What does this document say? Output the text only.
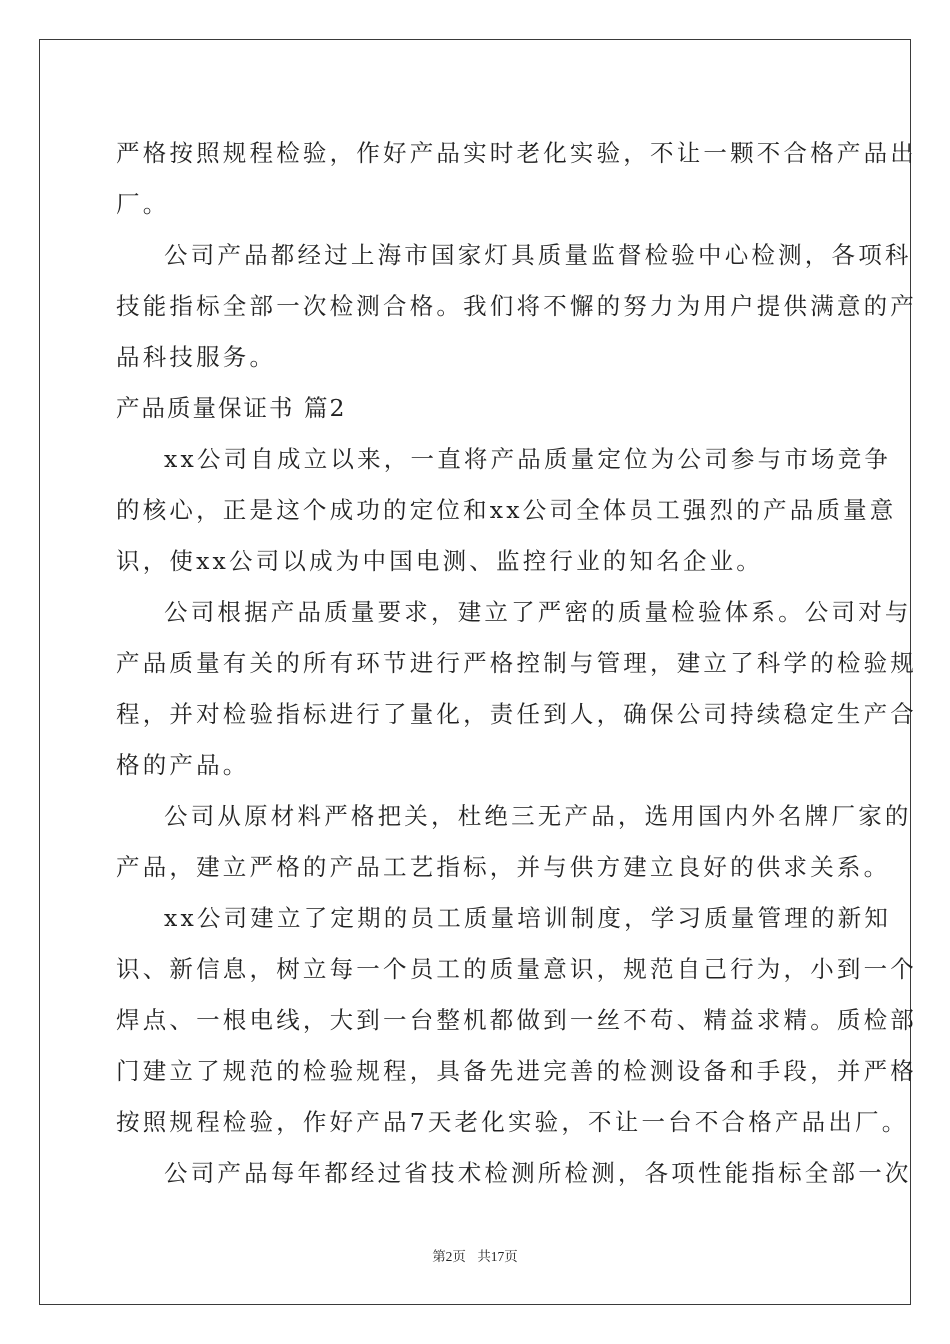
严格按照规程检验，作好产品实时老化实验，不让一颗不合格产品出
厂。
公司产品都经过上海市国家灯具质量监督检验中心检测，各项科
技能指标全部一次检测合格。我们将不懈的努力为用户提供满意的产
品科技服务。
产品质量保证书 篇2
xx公司自成立以来，一直将产品质量定位为公司参与市场竞争
的核心，正是这个成功的定位和xx公司全体员工强烈的产品质量意
识，使xx公司以成为中国电测、监控行业的知名企业。
公司根据产品质量要求，建立了严密的质量检验体系。公司对与
产品质量有关的所有环节进行严格控制与管理，建立了科学的检验规
程，并对检验指标进行了量化，责任到人，确保公司持续稳定生产合
格的产品。
公司从原材料严格把关，杜绝三无产品，选用国内外名牌厂家的
产品，建立严格的产品工艺指标，并与供方建立良好的供求关系。
xx公司建立了定期的员工质量培训制度，学习质量管理的新知
识、新信息，树立每一个员工的质量意识，规范自己行为，小到一个
焊点、一根电线，大到一台整机都做到一丝不苟、精益求精。质检部
门建立了规范的检验规程，具备先进完善的检测设备和手段，并严格
按照规程检验，作好产品7天老化实验，不让一台不合格产品出厂。
公司产品每年都经过省技术检测所检测，各项性能指标全部一次
第2页 共17页
